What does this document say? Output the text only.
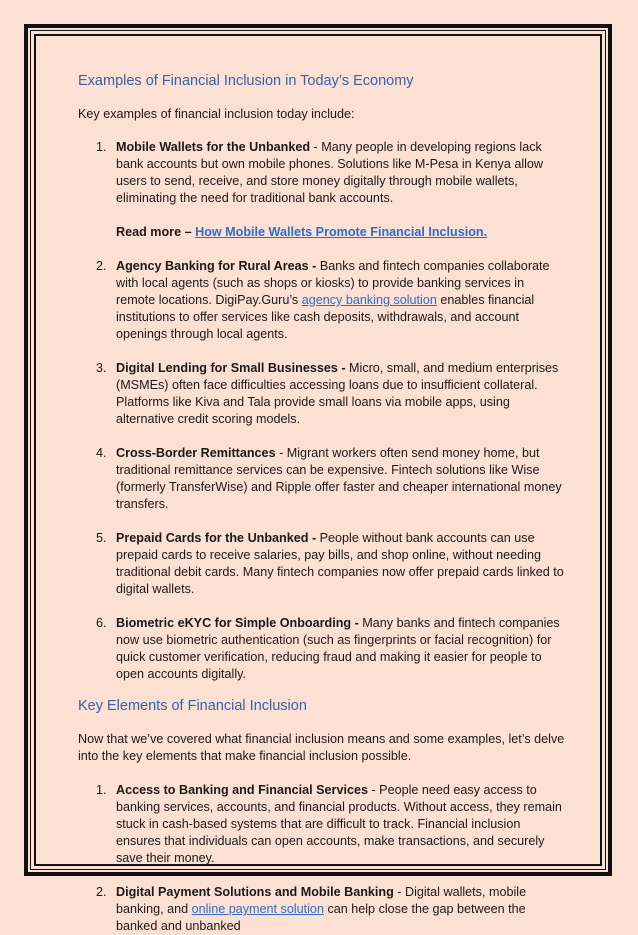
Examples of Financial Inclusion in Today’s Economy

Key examples of financial inclusion today include:

1. Mobile Wallets for the Unbanked - Many people in developing regions lack bank accounts but own mobile phones. Solutions like M-Pesa in Kenya allow users to send, receive, and store money digitally through mobile wallets, eliminating the need for traditional bank accounts.

Read more – How Mobile Wallets Promote Financial Inclusion.

2. Agency Banking for Rural Areas - Banks and fintech companies collaborate with local agents (such as shops or kiosks) to provide banking services in remote locations. DigiPay.Guru’s agency banking solution enables financial institutions to offer services like cash deposits, withdrawals, and account openings through local agents.

3. Digital Lending for Small Businesses - Micro, small, and medium enterprises (MSMEs) often face difficulties accessing loans due to insufficient collateral. Platforms like Kiva and Tala provide small loans via mobile apps, using alternative credit scoring models.

4. Cross-Border Remittances - Migrant workers often send money home, but traditional remittance services can be expensive. Fintech solutions like Wise (formerly TransferWise) and Ripple offer faster and cheaper international money transfers.

5. Prepaid Cards for the Unbanked - People without bank accounts can use prepaid cards to receive salaries, pay bills, and shop online, without needing traditional debit cards. Many fintech companies now offer prepaid cards linked to digital wallets.

6. Biometric eKYC for Simple Onboarding - Many banks and fintech companies now use biometric authentication (such as fingerprints or facial recognition) for quick customer verification, reducing fraud and making it easier for people to open accounts digitally.

Key Elements of Financial Inclusion

Now that we’ve covered what financial inclusion means and some examples, let’s delve into the key elements that make financial inclusion possible.

1. Access to Banking and Financial Services - People need easy access to banking services, accounts, and financial products. Without access, they remain stuck in cash-based systems that are difficult to track. Financial inclusion ensures that individuals can open accounts, make transactions, and securely save their money.

2. Digital Payment Solutions and Mobile Banking - Digital wallets, mobile banking, and online payment solution can help close the gap between the banked and unbanked
